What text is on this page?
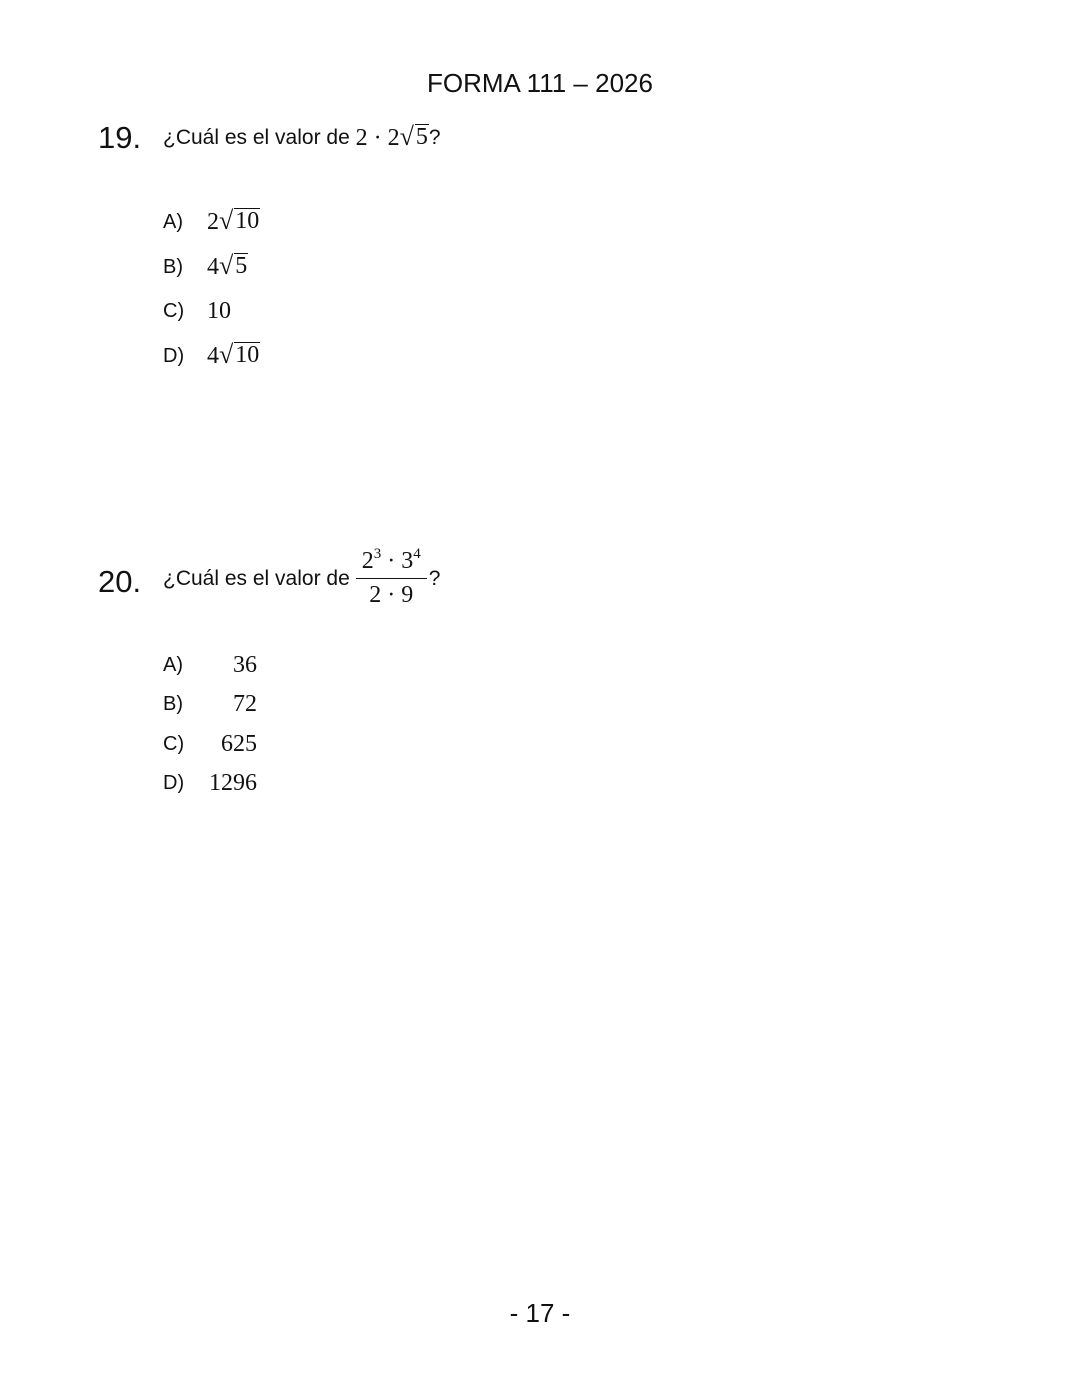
FORMA 111 – 2026
19. ¿Cuál es el valor de
2 · 2 √ 5 ?
A)	2 √ 10
B)	4 √ 5
C) 10
D) 4 √ 10
20. ¿Cuál es el valor de $\frac{2^3 \cdot 3^4}{2 \cdot 9}$ ?
A)	36
B)	72
C)	625
D)	1296
- 17 -
